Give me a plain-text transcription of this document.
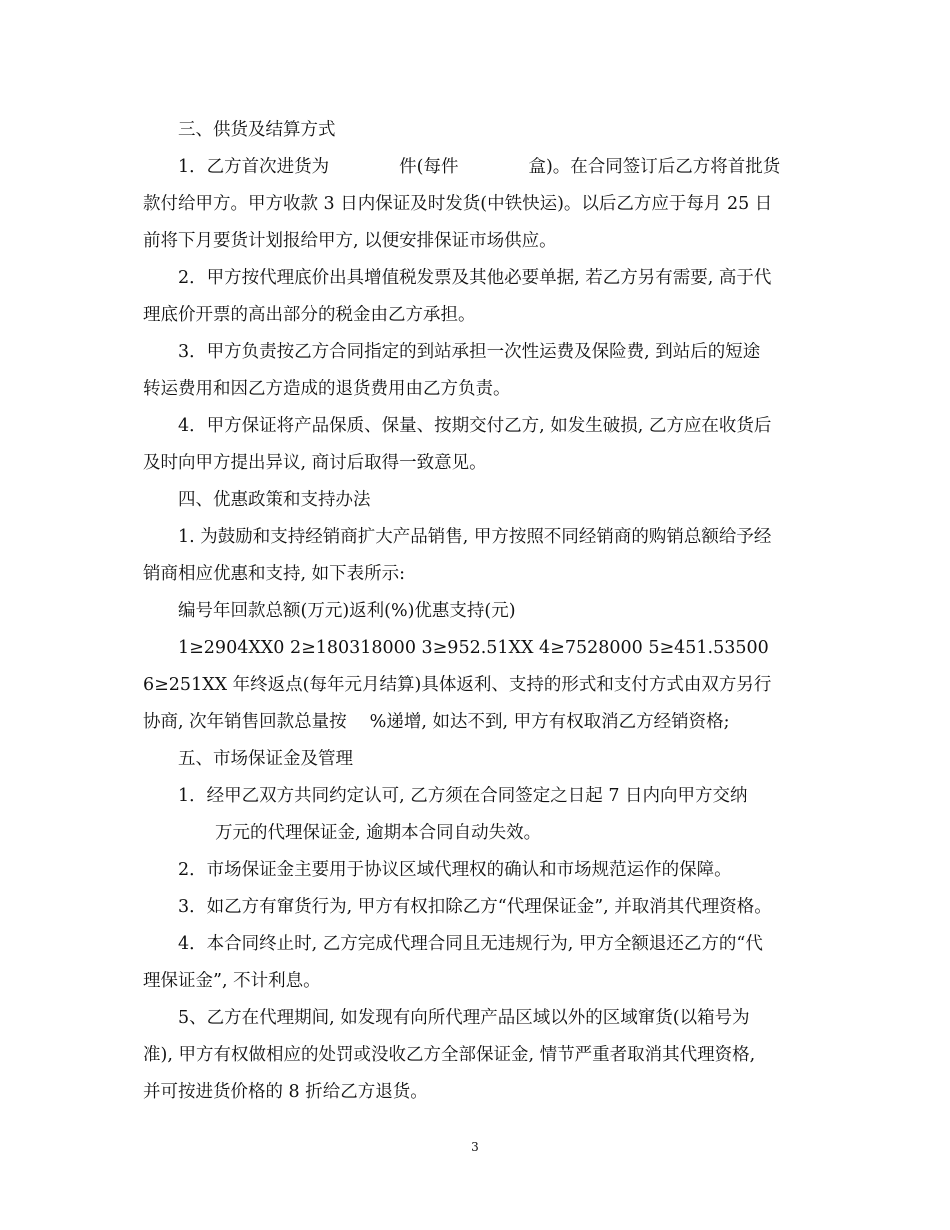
三、供货及结算方式
1．乙方首次进货为　　　　件(每件　　　　盒)。在合同签订后乙方将首批货
款付给甲方。甲方收款 3 日内保证及时发货(中铁快运)。以后乙方应于每月 25 日
前将下月要货计划报给甲方, 以便安排保证市场供应。
2．甲方按代理底价出具增值税发票及其他必要单据, 若乙方另有需要, 高于代
理底价开票的高出部分的税金由乙方承担。
3．甲方负责按乙方合同指定的到站承担一次性运费及保险费, 到站后的短途
转运费用和因乙方造成的退货费用由乙方负责。
4．甲方保证将产品保质、保量、按期交付乙方, 如发生破损, 乙方应在收货后
及时向甲方提出异议, 商讨后取得一致意见。
四、优惠政策和支持办法
1. 为鼓励和支持经销商扩大产品销售, 甲方按照不同经销商的购销总额给予经
销商相应优惠和支持, 如下表所示:
编号年回款总额(万元)返利(%)优惠支持(元)
1≥2904XX0 2≥180318000 3≥952.51XX 4≥7528000 5≥451.53500
6≥251XX 年终返点(每年元月结算)具体返利、支持的形式和支付方式由双方另行
协商, 次年销售回款总量按　 %递增, 如达不到, 甲方有权取消乙方经销资格;
五、市场保证金及管理
1．经甲乙双方共同约定认可, 乙方须在合同签定之日起 7 日内向甲方交纳
万元的代理保证金, 逾期本合同自动失效。
2．市场保证金主要用于协议区域代理权的确认和市场规范运作的保障。
3．如乙方有窜货行为, 甲方有权扣除乙方“代理保证金”, 并取消其代理资格。
4．本合同终止时, 乙方完成代理合同且无违规行为, 甲方全额退还乙方的“代
理保证金”, 不计利息。
5、乙方在代理期间, 如发现有向所代理产品区域以外的区域窜货(以箱号为
准), 甲方有权做相应的处罚或没收乙方全部保证金, 情节严重者取消其代理资格,
并可按进货价格的 8 折给乙方退货。
3
